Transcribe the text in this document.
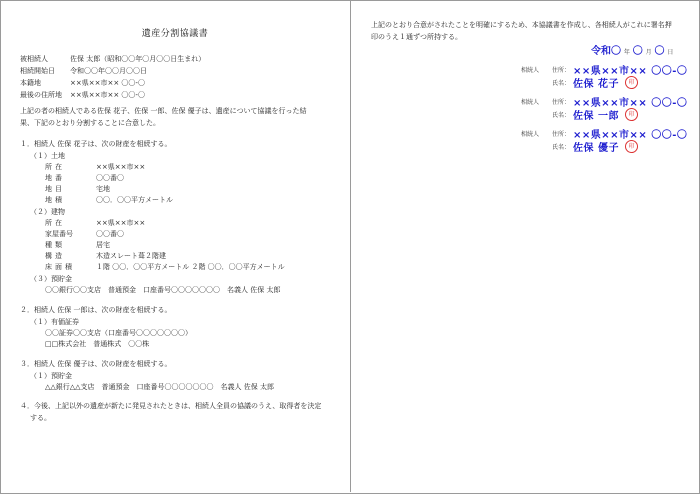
遺産分割協議書
被相続人	佐保 太郎（昭和〇〇年〇月〇〇日生まれ）
相続開始日 令和〇〇年〇〇月〇〇日
本籍地	××県××市×× 〇〇-〇
最後の住所地 ××県××市×× 〇〇-〇
上記の者の相続人である佐保 花子、佐保 一郎、佐保 優子は、遺産について協議を行った結
果、下記のとおり分割することに合意した。
１．相続人 佐保 花子は、次の財産を相続する。
（１）土地
所在	××県××市××
地番	〇〇番〇
地目	宅地
地積	〇〇．〇〇平方メートル
（２）建物
所在	××県××市××
家屋番号	〇〇番〇
種類	居宅
構造	木造スレート葺２階建
床面積	１階 〇〇．〇〇平方メートル ２階 〇〇．〇〇平方メートル
（３）預貯金
〇〇銀行〇〇支店　普通預金　口座番号〇〇〇〇〇〇〇　名義人 佐保 太郎
２．相続人 佐保 一郎は、次の財産を相続する。
（１）有価証券
〇〇証券〇〇支店（口座番号〇〇〇〇〇〇〇）
□□株式会社　普通株式　〇〇株
３．相続人 佐保 優子は、次の財産を相続する。
（１）預貯金
△△銀行△△支店　普通預金　口座番号〇〇〇〇〇〇〇　名義人 佐保 太郎
４．今後、上記以外の遺産が新たに発見されたときは、相続人全員の協議のうえ、取得者を決定
する。
上記のとおり合意がされたことを明確にするため、本協議書を作成し、各相続人がこれに署名押
印のうえ１通ずつ所持する。
令和〇 年 〇 月 〇 日
相続人 住所： ××県××市×× 〇〇-〇
氏名： 佐保 花子	印
相続人 住所： ××県××市×× 〇〇-〇
氏名： 佐保 一郎	印
相続人 住所： ××県××市×× 〇〇-〇
氏名： 佐保 優子	印
